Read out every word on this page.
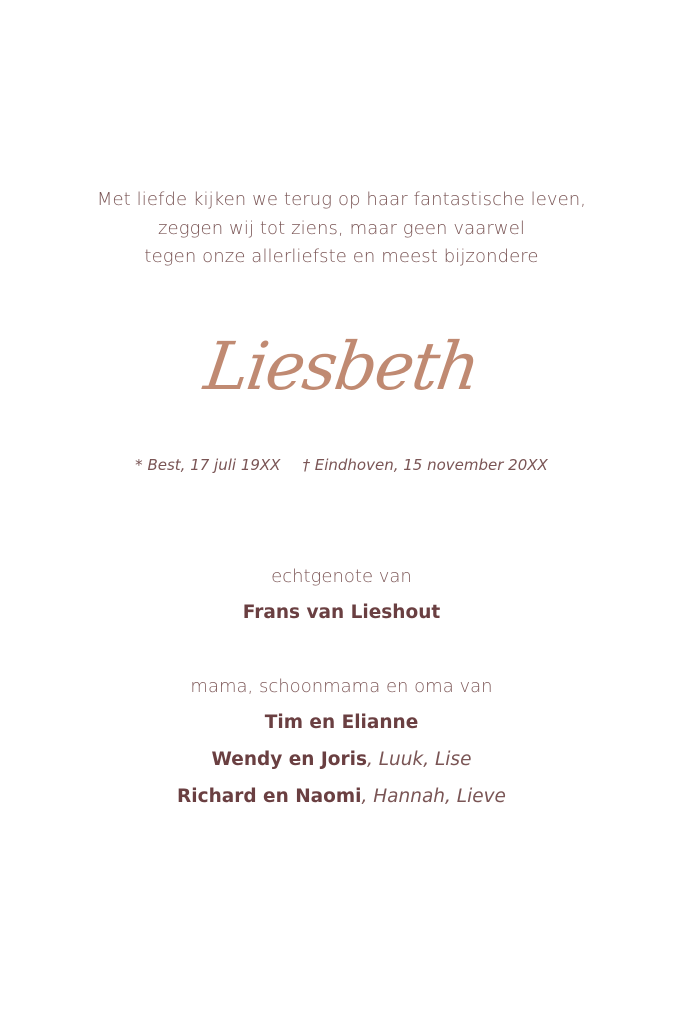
Met liefde kijken we terug op haar fantastische leven,
zeggen wij tot ziens, maar geen vaarwel
tegen onze allerliefste en meest bijzondere
Liesbeth
* Best, 17 juli 19XX † Eindhoven, 15 november 20XX
echtgenote van
Frans van Lieshout
mama, schoonmama en oma van
Tim en Elianne
Wendy en Joris, Luuk, Lise
Richard en Naomi, Hannah, Lieve
